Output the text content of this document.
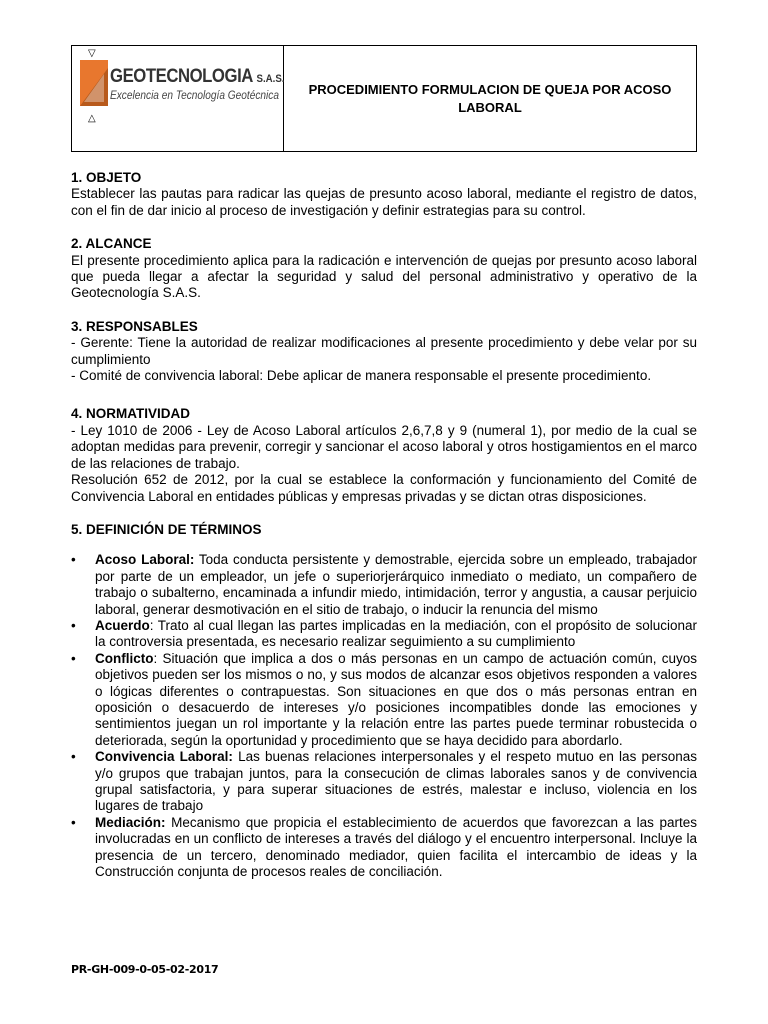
▽
GEOTECNOLOGIA S.A.S.
Excelencia en Tecnología Geotécnica
△
PROCEDIMIENTO FORMULACION DE QUEJA POR ACOSO LABORAL

1. OBJETO

Establecer las pautas para radicar las quejas de presunto acoso laboral, mediante el registro de datos, con el fin de dar inicio al proceso de investigación y definir estrategias para su control.

2. ALCANCE

El presente procedimiento aplica para la radicación e intervención de quejas por presunto acoso laboral que pueda llegar a afectar la seguridad y salud del personal administrativo y operativo de la Geotecnología S.A.S.

3. RESPONSABLES

- Gerente: Tiene la autoridad de realizar modificaciones al presente procedimiento y debe velar por su cumplimiento

- Comité de convivencia laboral: Debe aplicar de manera responsable el presente procedimiento.

4. NORMATIVIDAD

- Ley 1010 de 2006 - Ley de Acoso Laboral artículos 2,6,7,8 y 9 (numeral 1), por medio de la cual se adoptan medidas para prevenir, corregir y sancionar el acoso laboral y otros hostigamientos en el marco de las relaciones de trabajo.

Resolución 652 de 2012, por la cual se establece la conformación y funcionamiento del Comité de Convivencia Laboral en entidades públicas y empresas privadas y se dictan otras disposiciones.

5. DEFINICIÓN DE TÉRMINOS

• Acoso Laboral: Toda conducta persistente y demostrable, ejercida sobre un empleado, trabajador por parte de un empleador, un jefe o superiorjerárquico inmediato o mediato, un compañero de trabajo o subalterno, encaminada a infundir miedo, intimidación, terror y angustia, a causar perjuicio laboral, generar desmotivación en el sitio de trabajo, o inducir la renuncia del mismo
• Acuerdo: Trato al cual llegan las partes implicadas en la mediación, con el propósito de solucionar la controversia presentada, es necesario realizar seguimiento a su cumplimiento
• Conflicto: Situación que implica a dos o más personas en un campo de actuación común, cuyos objetivos pueden ser los mismos o no, y sus modos de alcanzar esos objetivos responden a valores o lógicas diferentes o contrapuestas. Son situaciones en que dos o más personas entran en oposición o desacuerdo de intereses y/o posiciones incompatibles donde las emociones y sentimientos juegan un rol importante y la relación entre las partes puede terminar robustecida o deteriorada, según la oportunidad y procedimiento que se haya decidido para abordarlo.
• Convivencia Laboral: Las buenas relaciones interpersonales y el respeto mutuo en las personas y/o grupos que trabajan juntos, para la consecución de climas laborales sanos y de convivencia grupal satisfactoria, y para superar situaciones de estrés, malestar e incluso, violencia en los lugares de trabajo
• Mediación: Mecanismo que propicia el establecimiento de acuerdos que favorezcan a las partes involucradas en un conflicto de intereses a través del diálogo y el encuentro interpersonal. Incluye la presencia de un tercero, denominado mediador, quien facilita el intercambio de ideas y la Construcción conjunta de procesos reales de conciliación.
PR-GH-009-0-05-02-2017
